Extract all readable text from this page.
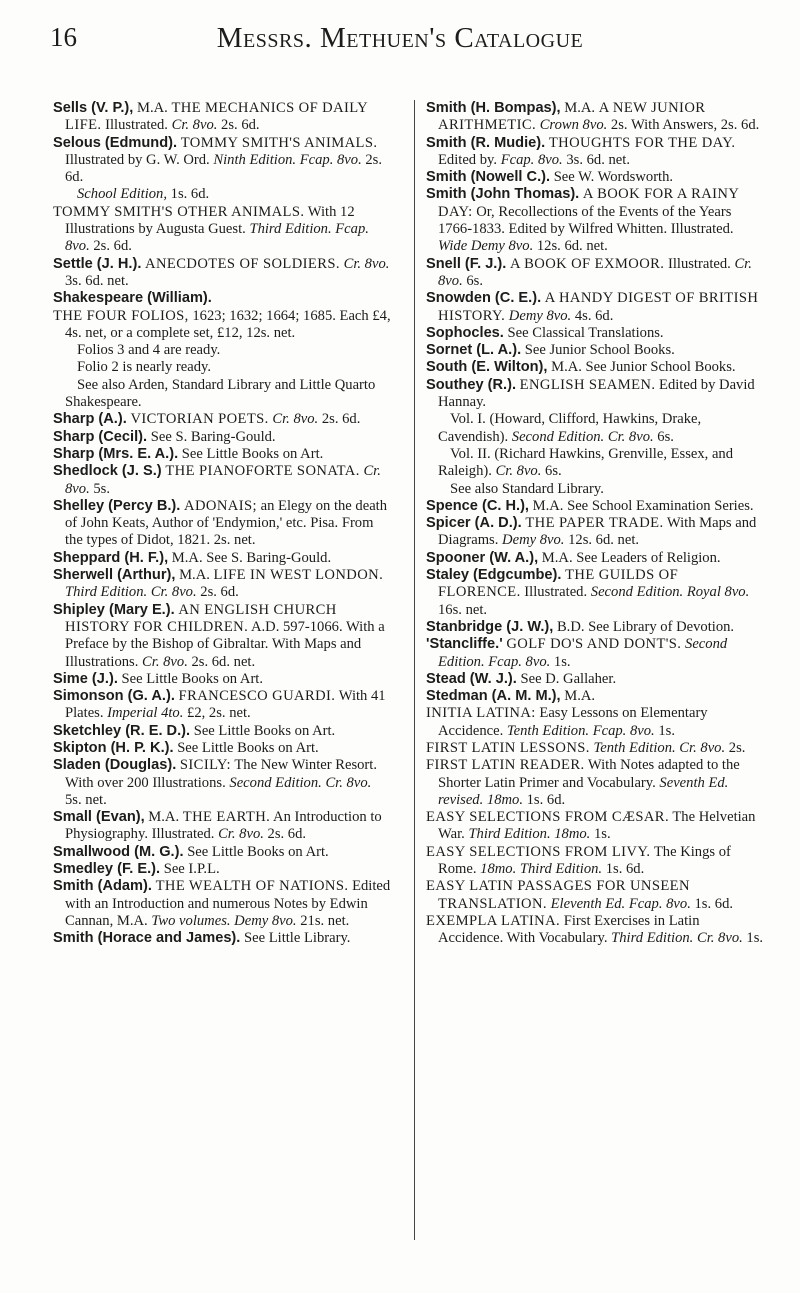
16	Messrs. Methuen's Catalogue

Sells (V. P.), M.A. THE MECHANICS OF DAILY LIFE. Illustrated. Cr. 8vo. 2s. 6d.

Selous (Edmund). TOMMY SMITH'S ANIMALS. Illustrated by G. W. Ord. Ninth Edition. Fcap. 8vo. 2s. 6d.

School Edition, 1s. 6d.

TOMMY SMITH'S OTHER ANIMALS. With 12 Illustrations by Augusta Guest. Third Edition. Fcap. 8vo. 2s. 6d.

Settle (J. H.). ANECDOTES OF SOLDIERS. Cr. 8vo. 3s. 6d. net.

Shakespeare (William).

THE FOUR FOLIOS, 1623; 1632; 1664; 1685. Each £4, 4s. net, or a complete set, £12, 12s. net.

Folios 3 and 4 are ready.

Folio 2 is nearly ready.

See also Arden, Standard Library and Little Quarto Shakespeare.

Sharp (A.). VICTORIAN POETS. Cr. 8vo. 2s. 6d.

Sharp (Cecil). See S. Baring-Gould.

Sharp (Mrs. E. A.). See Little Books on Art.

Shedlock (J. S.) THE PIANOFORTE SONATA. Cr. 8vo. 5s.

Shelley (Percy B.). ADONAIS; an Elegy on the death of John Keats, Author of 'Endymion,' etc. Pisa. From the types of Didot, 1821. 2s. net.

Sheppard (H. F.), M.A. See S. Baring-Gould.

Sherwell (Arthur), M.A. LIFE IN WEST LONDON. Third Edition. Cr. 8vo. 2s. 6d.

Shipley (Mary E.). AN ENGLISH CHURCH HISTORY FOR CHILDREN. A.D. 597-1066. With a Preface by the Bishop of Gibraltar. With Maps and Illustrations. Cr. 8vo. 2s. 6d. net.

Sime (J.). See Little Books on Art.

Simonson (G. A.). FRANCESCO GUARDI. With 41 Plates. Imperial 4to. £2, 2s. net.

Sketchley (R. E. D.). See Little Books on Art.

Skipton (H. P. K.). See Little Books on Art.

Sladen (Douglas). SICILY: The New Winter Resort. With over 200 Illustrations. Second Edition. Cr. 8vo. 5s. net.

Small (Evan), M.A. THE EARTH. An Introduction to Physiography. Illustrated. Cr. 8vo. 2s. 6d.

Smallwood (M. G.). See Little Books on Art.

Smedley (F. E.). See I.P.L.

Smith (Adam). THE WEALTH OF NATIONS. Edited with an Introduction and numerous Notes by Edwin Cannan, M.A. Two volumes. Demy 8vo. 21s. net.

Smith (Horace and James). See Little Library.

Smith (H. Bompas), M.A. A NEW JUNIOR ARITHMETIC. Crown 8vo. 2s. With Answers, 2s. 6d.

Smith (R. Mudie). THOUGHTS FOR THE DAY. Edited by. Fcap. 8vo. 3s. 6d. net.

Smith (Nowell C.). See W. Wordsworth.

Smith (John Thomas). A BOOK FOR A RAINY DAY: Or, Recollections of the Events of the Years 1766-1833. Edited by Wilfred Whitten. Illustrated. Wide Demy 8vo. 12s. 6d. net.

Snell (F. J.). A BOOK OF EXMOOR. Illustrated. Cr. 8vo. 6s.

Snowden (C. E.). A HANDY DIGEST OF BRITISH HISTORY. Demy 8vo. 4s. 6d.

Sophocles. See Classical Translations.

Sornet (L. A.). See Junior School Books.

South (E. Wilton), M.A. See Junior School Books.

Southey (R.). ENGLISH SEAMEN. Edited by David Hannay.

Vol. I. (Howard, Clifford, Hawkins, Drake, Cavendish). Second Edition. Cr. 8vo. 6s.

Vol. II. (Richard Hawkins, Grenville, Essex, and Raleigh). Cr. 8vo. 6s.

See also Standard Library.

Spence (C. H.), M.A. See School Examination Series.

Spicer (A. D.). THE PAPER TRADE. With Maps and Diagrams. Demy 8vo. 12s. 6d. net.

Spooner (W. A.), M.A. See Leaders of Religion.

Staley (Edgcumbe). THE GUILDS OF FLORENCE. Illustrated. Second Edition. Royal 8vo. 16s. net.

Stanbridge (J. W.), B.D. See Library of Devotion.

'Stancliffe.' GOLF DO'S AND DONT'S. Second Edition. Fcap. 8vo. 1s.

Stead (W. J.). See D. Gallaher.

Stedman (A. M. M.), M.A.

INITIA LATINA: Easy Lessons on Elementary Accidence. Tenth Edition. Fcap. 8vo. 1s.

FIRST LATIN LESSONS. Tenth Edition. Cr. 8vo. 2s.

FIRST LATIN READER. With Notes adapted to the Shorter Latin Primer and Vocabulary. Seventh Ed. revised. 18mo. 1s. 6d.

EASY SELECTIONS FROM CÆSAR. The Helvetian War. Third Edition. 18mo. 1s.

EASY SELECTIONS FROM LIVY. The Kings of Rome. 18mo. Third Edition. 1s. 6d.

EASY LATIN PASSAGES FOR UNSEEN TRANSLATION. Eleventh Ed. Fcap. 8vo. 1s. 6d.

EXEMPLA LATINA. First Exercises in Latin Accidence. With Vocabulary. Third Edition. Cr. 8vo. 1s.
